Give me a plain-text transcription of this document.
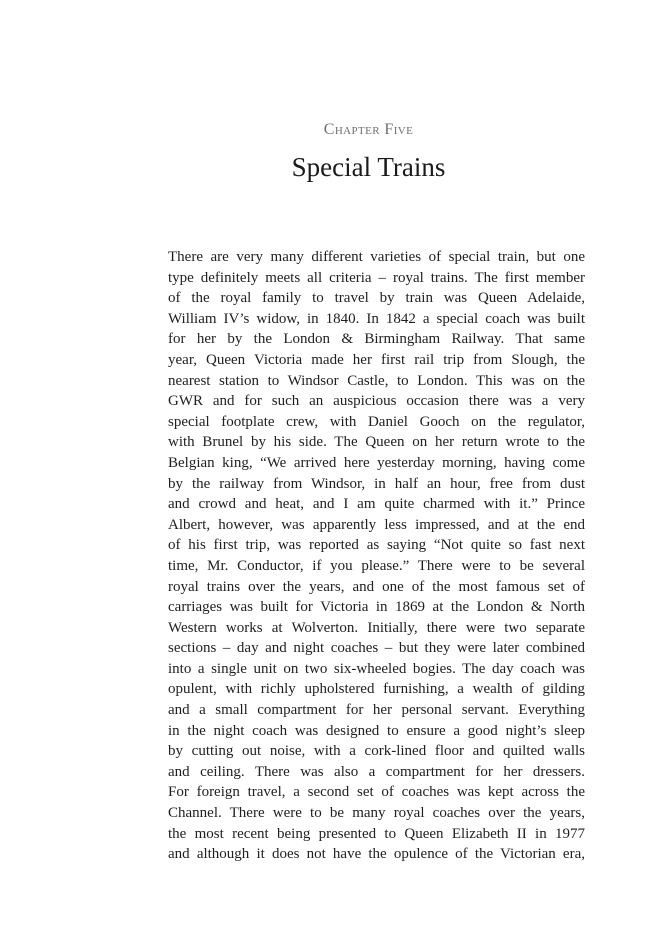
Chapter Five
Special Trains
There are very many different varieties of special train, but one
type definitely meets all criteria – royal trains. The first member
of the royal family to travel by train was Queen Adelaide,
William IV’s widow, in 1840. In 1842 a special coach was built
for her by the London & Birmingham Railway. That same
year, Queen Victoria made her first rail trip from Slough, the
nearest station to Windsor Castle, to London. This was on the
GWR and for such an auspicious occasion there was a very
special footplate crew, with Daniel Gooch on the regulator,
with Brunel by his side. The Queen on her return wrote to the
Belgian king, “We arrived here yesterday morning, having come
by the railway from Windsor, in half an hour, free from dust
and crowd and heat, and I am quite charmed with it.” Prince
Albert, however, was apparently less impressed, and at the end
of his first trip, was reported as saying “Not quite so fast next
time, Mr. Conductor, if you please.” There were to be several
royal trains over the years, and one of the most famous set of
carriages was built for Victoria in 1869 at the London & North
Western works at Wolverton. Initially, there were two separate
sections – day and night coaches – but they were later combined
into a single unit on two six-wheeled bogies. The day coach was
opulent, with richly upholstered furnishing, a wealth of gilding
and a small compartment for her personal servant. Everything
in the night coach was designed to ensure a good night’s sleep
by cutting out noise, with a cork-lined floor and quilted walls
and ceiling. There was also a compartment for her dressers.
For foreign travel, a second set of coaches was kept across the
Channel. There were to be many royal coaches over the years,
the most recent being presented to Queen Elizabeth II in 1977
and although it does not have the opulence of the Victorian era,
